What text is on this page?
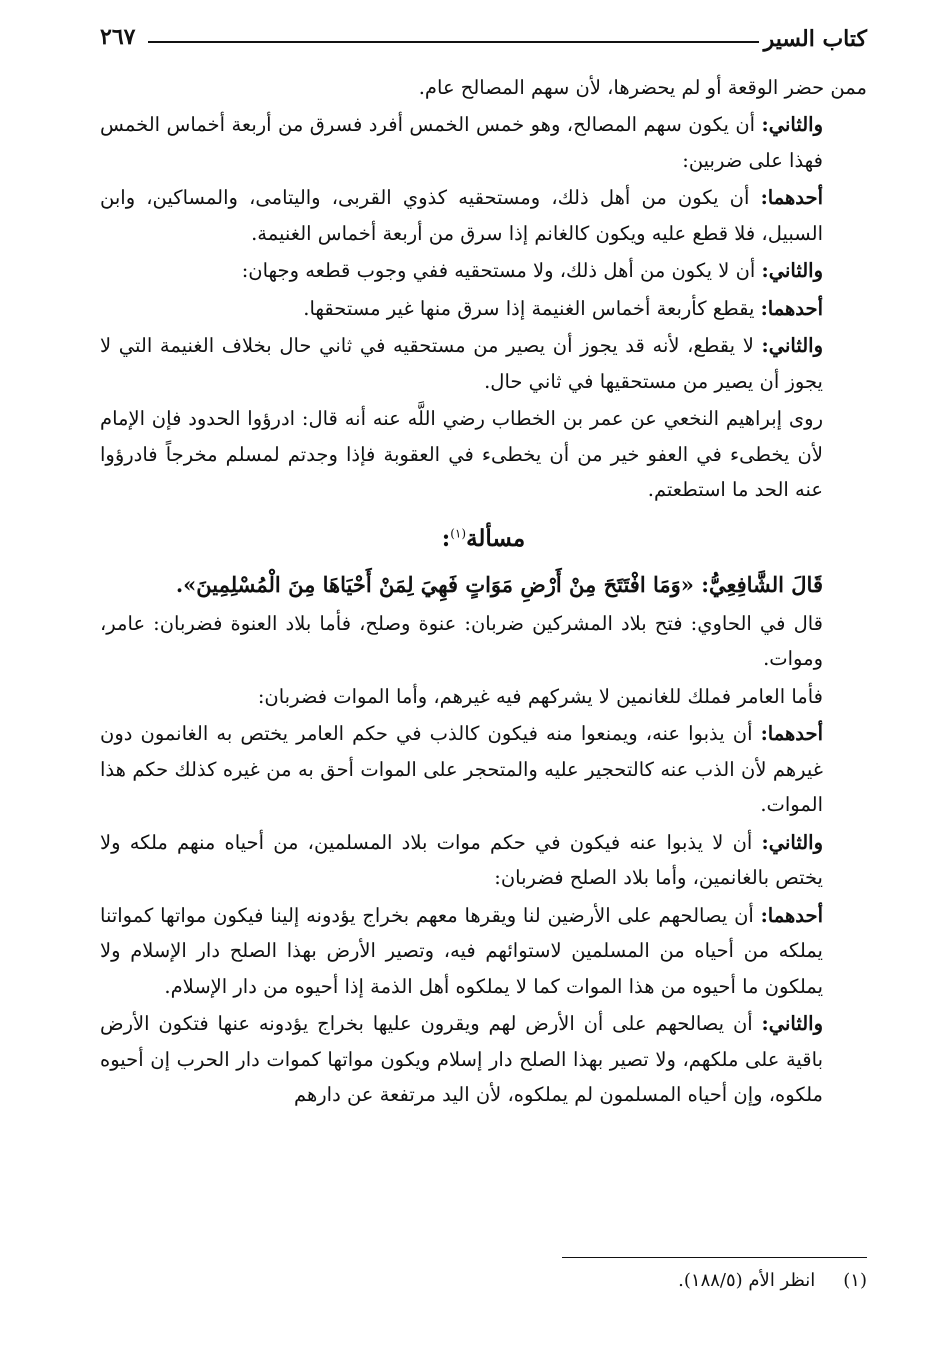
كتاب السير
٢٦٧

ممن حضر الوقعة أو لم يحضرها، لأن سهم المصالح عام.

والثاني: أن يكون سهم المصالح، وهو خمس الخمس أفرد فسرق من أربعة أخماس الخمس فهذا على ضربين:

أحدهما: أن يكون من أهل ذلك، ومستحقيه كذوي القربى، واليتامى، والمساكين، وابن السبيل، فلا قطع عليه ويكون كالغانم إذا سرق من أربعة أخماس الغنيمة.

والثاني: أن لا يكون من أهل ذلك، ولا مستحقيه ففي وجوب قطعه وجهان:

أحدهما: يقطع كأربعة أخماس الغنيمة إذا سرق منها غير مستحقها.

والثاني: لا يقطع، لأنه قد يجوز أن يصير من مستحقيه في ثاني حال بخلاف الغنيمة التي لا يجوز أن يصير من مستحقيها في ثاني حال.

روى إبراهيم النخعي عن عمر بن الخطاب رضي اللَّه عنه أنه قال: ادرؤوا الحدود فإن الإمام لأن يخطىء في العفو خير من أن يخطىء في العقوبة فإذا وجدتم لمسلم مخرجاً فادرؤوا عنه الحد ما استطعتم.

مسألة$^{(١)}$:

قَالَ الشَّافِعِيُّ: «وَمَا افْتَتَحَ مِنْ أَرْضِ مَوَاتٍ فَهِيَ لِمَنْ أَحْيَاهَا مِنَ الْمُسْلِمِينَ».

قال في الحاوي: فتح بلاد المشركين ضربان: عنوة وصلح، فأما بلاد العنوة فضربان: عامر، وموات.

فأما العامر فملك للغانمين لا يشركهم فيه غيرهم، وأما الموات فضربان:

أحدهما: أن يذبوا عنه، ويمنعوا منه فيكون كالذب في حكم العامر يختص به الغانمون دون غيرهم لأن الذب عنه كالتحجير عليه والمتحجر على الموات أحق به من غيره كذلك حكم هذا الموات.

والثاني: أن لا يذبوا عنه فيكون في حكم موات بلاد المسلمين، من أحياه منهم ملكه ولا يختص بالغانمين، وأما بلاد الصلح فضربان:

أحدهما: أن يصالحهم على الأرضين لنا ويقرها معهم بخراج يؤدونه إلينا فيكون مواتها كمواتنا يملكه من أحياه من المسلمين لاستوائهم فيه، وتصير الأرض بهذا الصلح دار الإسلام ولا يملكون ما أحيوه من هذا الموات كما لا يملكوه أهل الذمة إذا أحيوه من دار الإسلام.

والثاني: أن يصالحهم على أن الأرض لهم ويقرون عليها بخراج يؤدونه عنها فتكون الأرض باقية على ملكهم، ولا تصير بهذا الصلح دار إسلام ويكون مواتها كموات دار الحرب إن أحيوه ملكوه، وإن أحياه المسلمون لم يملكوه، لأن اليد مرتفعة عن دارهم

(١)انظر الأم (١٨٨/٥).
